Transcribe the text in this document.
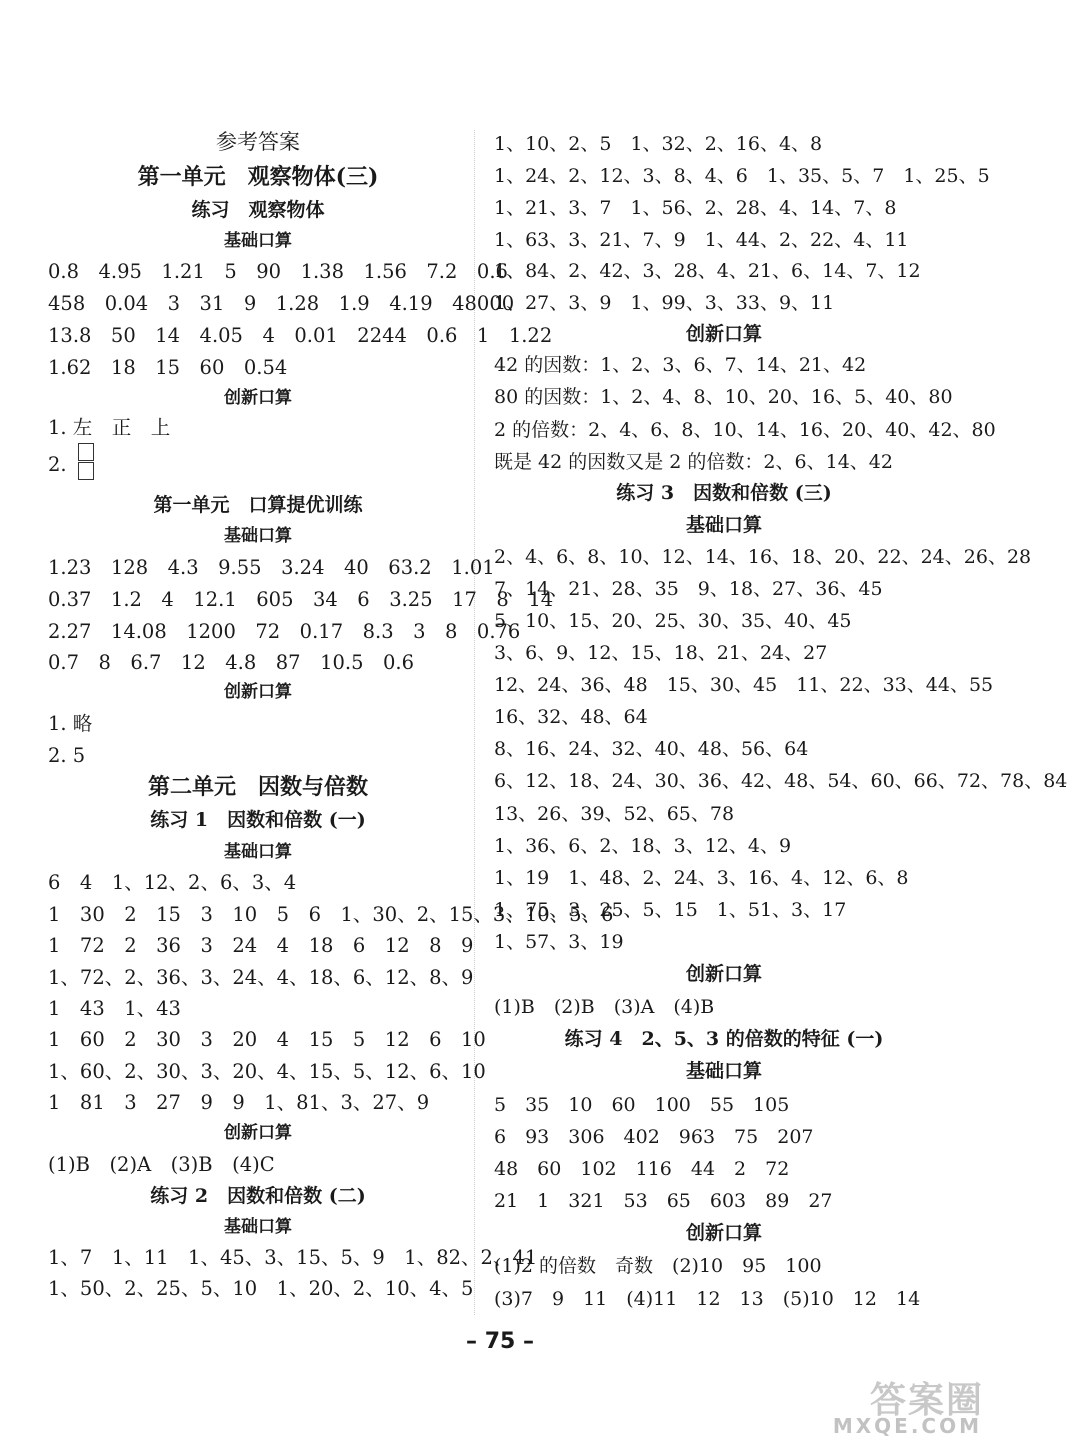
参考答案
第一单元　观察物体(三)
练习　观察物体
基础口算
0.8　4.95　1.21　5　90　1.38　1.56　7.2　0.6
458　0.04　3　31　9　1.28　1.9　4.19　48000
13.8　50　14　4.05　4　0.01　2244　0.6　1　1.22
1.62　18　15　60　0.54
创新口算
1. 左　正　上
2.
第一单元　口算提优训练
基础口算
1.23　128　4.3　9.55　3.24　40　63.2　1.01
0.37　1.2　4　12.1　605　34　6　3.25　17　8　14
2.27　14.08　1200　72　0.17　8.3　3　8　0.76
0.7　8　6.7　12　4.8　87　10.5　0.6
创新口算
1. 略
2. 5
第二单元　因数与倍数
练习 1　因数和倍数 (一)
基础口算
6　4　1、12、2、6、3、4
1　30　2　15　3　10　5　6　1、30、2、15、3、10、5、6
1　72　2　36　3　24　4　18　6　12　8　9
1、72、2、36、3、24、4、18、6、12、8、9
1　43　1、43
1　60　2　30　3　20　4　15　5　12　6　10
1、60、2、30、3、20、4、15、5、12、6、10
1　81　3　27　9　9　1、81、3、27、9
创新口算
(1)B　(2)A　(3)B　(4)C
练习 2　因数和倍数 (二)
基础口算
1、7　1、11　1、45、3、15、5、9　1、82、2、41
1、50、2、25、5、10　1、20、2、10、4、5
1、10、2、5　1、32、2、16、4、8
1、24、2、12、3、8、4、6　1、35、5、7　1、25、5
1、21、3、7　1、56、2、28、4、14、7、8
1、63、3、21、7、9　1、44、2、22、4、11
1、84、2、42、3、28、4、21、6、14、7、12
1、27、3、9　1、99、3、33、9、11
创新口算
42 的因数：1、2、3、6、7、14、21、42
80 的因数：1、2、4、8、10、20、16、5、40、80
2 的倍数：2、4、6、8、10、14、16、20、40、42、80
既是 42 的因数又是 2 的倍数：2、6、14、42
练习 3　因数和倍数 (三)
基础口算
2、4、6、8、10、12、14、16、18、20、22、24、26、28
7、14、21、28、35　9、18、27、36、45
5、10、15、20、25、30、35、40、45
3、6、9、12、15、18、21、24、27
12、24、36、48　15、30、45　11、22、33、44、55
16、32、48、64
8、16、24、32、40、48、56、64
6、12、18、24、30、36、42、48、54、60、66、72、78、84
13、26、39、52、65、78
1、36、6、2、18、3、12、4、9
1、19　1、48、2、24、3、16、4、12、6、8
1、75、3、25、5、15　1、51、3、17
1、57、3、19
创新口算
(1)B　(2)B　(3)A　(4)B
练习 4　2、5、3 的倍数的特征 (一)
基础口算
5　35　10　60　100　55　105
6　93　306　402　963　75　207
48　60　102　116　44　2　72
21　1　321　53　65　603　89　27
创新口算
(1)2 的倍数　奇数　(2)10　95　100
(3)7　9　11　(4)11　12　13　(5)10　12　14
– 75 –
答案圈
MXQE.COM
